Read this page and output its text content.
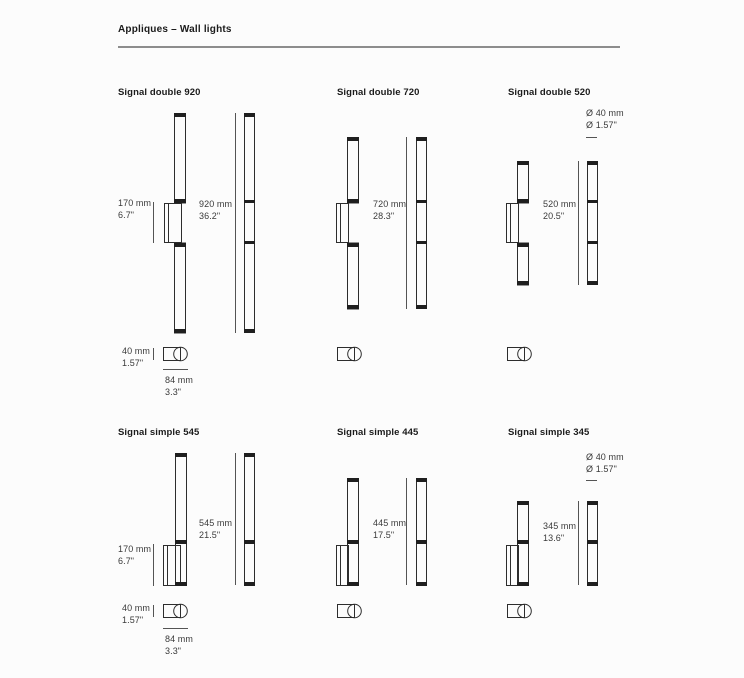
Appliques – Wall lights
Signal double 920
170 mm
6.7"
920 mm
36.2"
40 mm
1.57"
84 mm
3.3"
Signal double 720
720 mm
28.3"
Signal double 520
Ø 40 mm
Ø 1.57"
520 mm
20.5"
Signal simple 545
545 mm
21.5"
170 mm
6.7"
40 mm
1.57"
84 mm
3.3"
Signal simple 445
445 mm
17.5"
Signal simple 345
Ø 40 mm
Ø 1.57"
345 mm
13.6"
